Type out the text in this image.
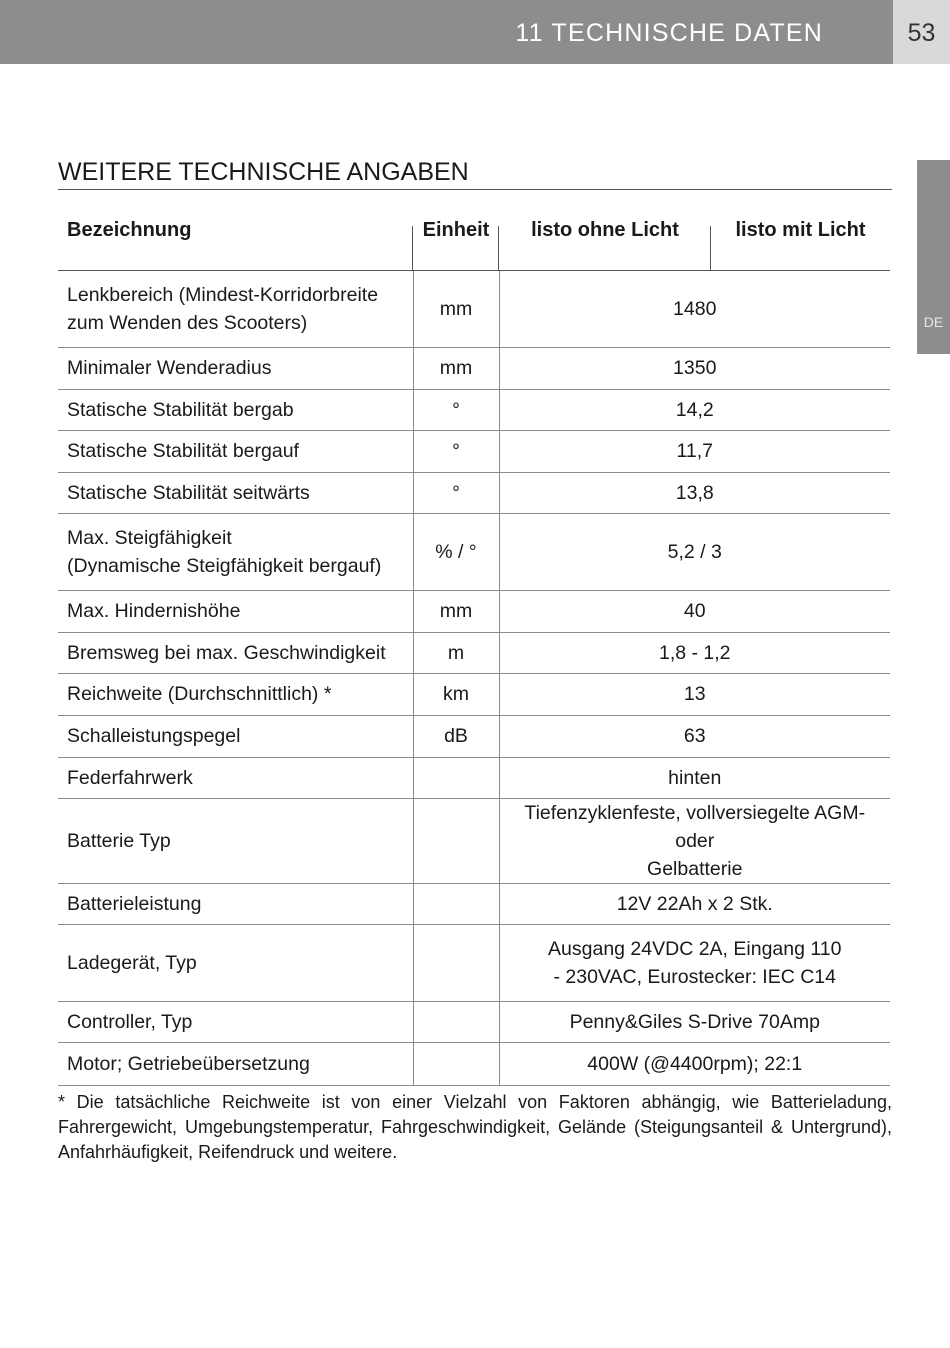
11 TECHNISCHE DATEN	53
DE
WEITERE TECHNISCHE ANGABEN
Bezeichnung	Einheit	listo ohne Licht	listo mit Licht
Lenkbereich (Mindest-Korridorbreite
zum Wenden des Scooters)	mm	1480	
Minimaler Wenderadius	mm	1350	
Statische Stabilität bergab	°	14,2	
Statische Stabilität bergauf	°	11,7	
Statische Stabilität seitwärts	°	13,8	
Max. Steigfähigkeit
(Dynamische Steigfähigkeit bergauf)	% / °	5,2 / 3	
Max. Hindernishöhe	mm	40	
Bremsweg bei max. Geschwindigkeit	m	1,8 - 1,2	
Reichweite (Durchschnittlich) *	km	13	
Schalleistungspegel	dB	63	
Federfahrwerk		hinten	
Batterie Typ		Tiefenzyklenfeste, vollversiegelte AGM- oder
Gelbatterie	
Batterieleistung		12V 22Ah x 2 Stk.	
Ladegerät, Typ		Ausgang 24VDC 2A, Eingang 110
- 230VAC, Eurostecker: IEC C14	
Controller, Typ		Penny&Giles S-Drive 70Amp	
Motor; Getriebeübersetzung		400W (@4400rpm); 22:1	
* Die tatsächliche Reichweite ist von einer Vielzahl von Faktoren abhängig, wie Batterieladung, Fahrergewicht, Umgebungstemperatur, Fahrgeschwindigkeit, Gelände (Steigungsanteil & Untergrund), Anfahrhäufigkeit, Reifendruck und weitere.
